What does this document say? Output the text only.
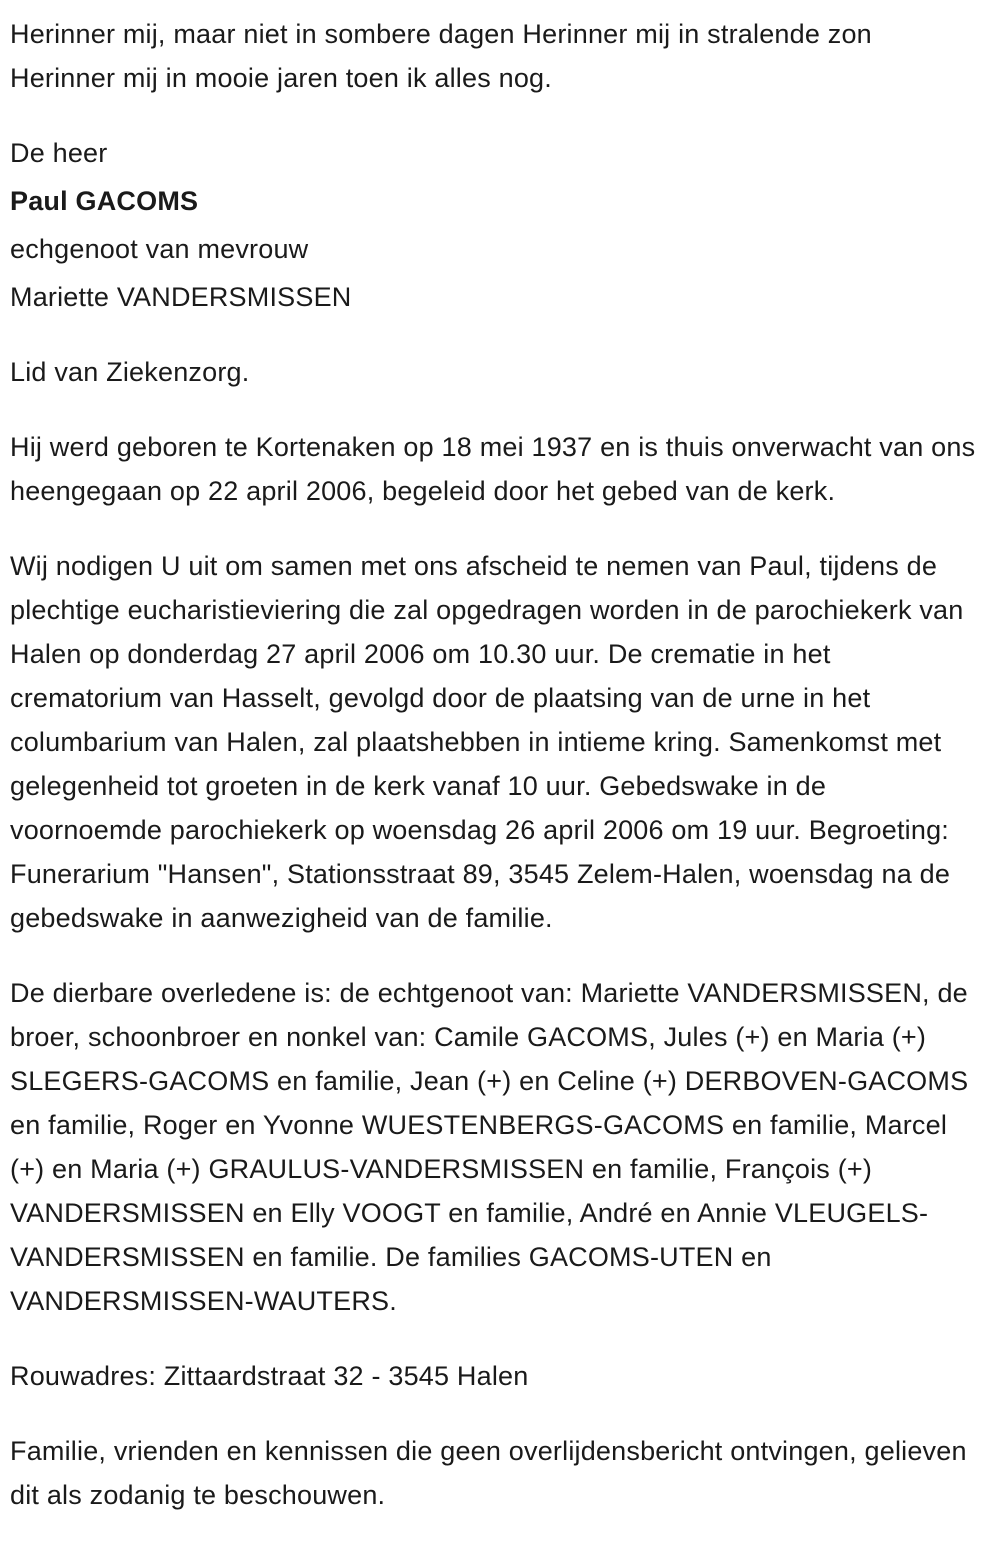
Herinner mij, maar niet in sombere dagen Herinner mij in stralende zon Herinner mij in mooie jaren toen ik alles nog.

De heer

Paul GACOMS

echgenoot van mevrouw

Mariette VANDERSMISSEN

Lid van Ziekenzorg.

Hij werd geboren te Kortenaken op 18 mei 1937 en is thuis onverwacht van ons heengegaan op 22 april 2006, begeleid door het gebed van de kerk.

Wij nodigen U uit om samen met ons afscheid te nemen van Paul, tijdens de plechtige eucharistieviering die zal opgedragen worden in de parochiekerk van Halen op donderdag 27 april 2006 om 10.30 uur. De crematie in het crematorium van Hasselt, gevolgd door de plaatsing van de urne in het columbarium van Halen, zal plaatshebben in intieme kring. Samenkomst met gelegenheid tot groeten in de kerk vanaf 10 uur. Gebedswake in de voornoemde parochiekerk op woensdag 26 april 2006 om 19 uur. Begroeting: Funerarium "Hansen", Stationsstraat 89, 3545 Zelem-Halen, woensdag na de gebedswake in aanwezigheid van de familie.

De dierbare overledene is: de echtgenoot van: Mariette VANDERSMISSEN, de broer, schoonbroer en nonkel van: Camile GACOMS, Jules (+) en Maria (+) SLEGERS-GACOMS en familie, Jean (+) en Celine (+) DERBOVEN-GACOMS en familie, Roger en Yvonne WUESTENBERGS-GACOMS en familie, Marcel (+) en Maria (+) GRAULUS-VANDERSMISSEN en familie, François (+) VANDERSMISSEN en Elly VOOGT en familie, André en Annie VLEUGELS-VANDERSMISSEN en familie. De families GACOMS-UTEN en VANDERSMISSEN-WAUTERS.

Rouwadres: Zittaardstraat 32 - 3545 Halen

Familie, vrienden en kennissen die geen overlijdensbericht ontvingen, gelieven dit als zodanig te beschouwen.
